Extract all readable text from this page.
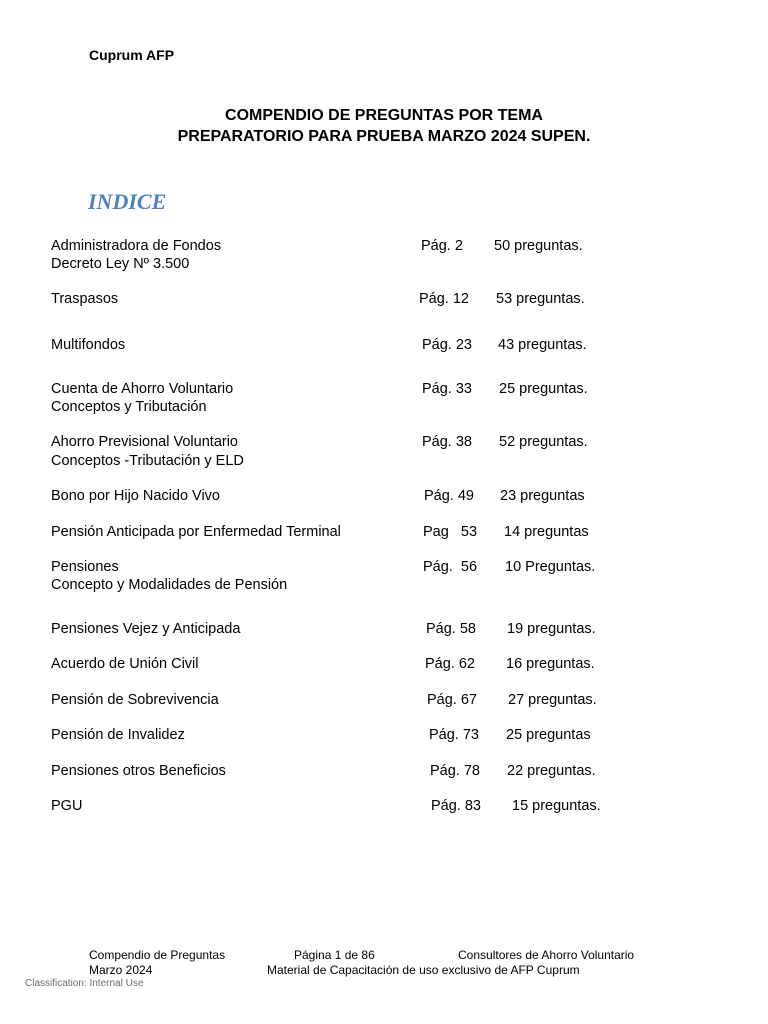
Cuprum AFP
COMPENDIO DE PREGUNTAS POR TEMA
PREPARATORIO PARA PRUEBA MARZO 2024 SUPEN.
INDICE
Administradora de Fondos
Decreto Ley Nº 3.500
Pág. 2 50 preguntas.
Traspasos	Pág. 12 53 preguntas.
Multifondos	Pág. 23 43 preguntas.
Cuenta de Ahorro Voluntario
Conceptos y Tributación
Pág. 33 25 preguntas.
Ahorro Previsional Voluntario
Conceptos -Tributación y ELD
Pág. 38 52 preguntas.
Bono por Hijo Nacido Vivo	Pág. 49 23 preguntas
Pensión Anticipada por Enfermedad Terminal	Pag   53 14 preguntas
Pensiones
Concepto y Modalidades de Pensión
Pág.  56 10 Preguntas.
Pensiones Vejez y Anticipada	Pág. 58 19 preguntas.
Acuerdo de Unión Civil	Pág. 62 16 preguntas.
Pensión de Sobrevivencia	Pág. 67 27 preguntas.
Pensión de Invalidez	Pág. 73 25 preguntas
Pensiones otros Beneficios	Pág. 78 22 preguntas.
PGU	Pág. 83 15 preguntas.
Compendio de Preguntas
Marzo 2024
Página 1 de 86	Consultores de Ahorro Voluntario
Material de Capacitación de uso exclusivo de AFP Cuprum
Classification: Internal Use
